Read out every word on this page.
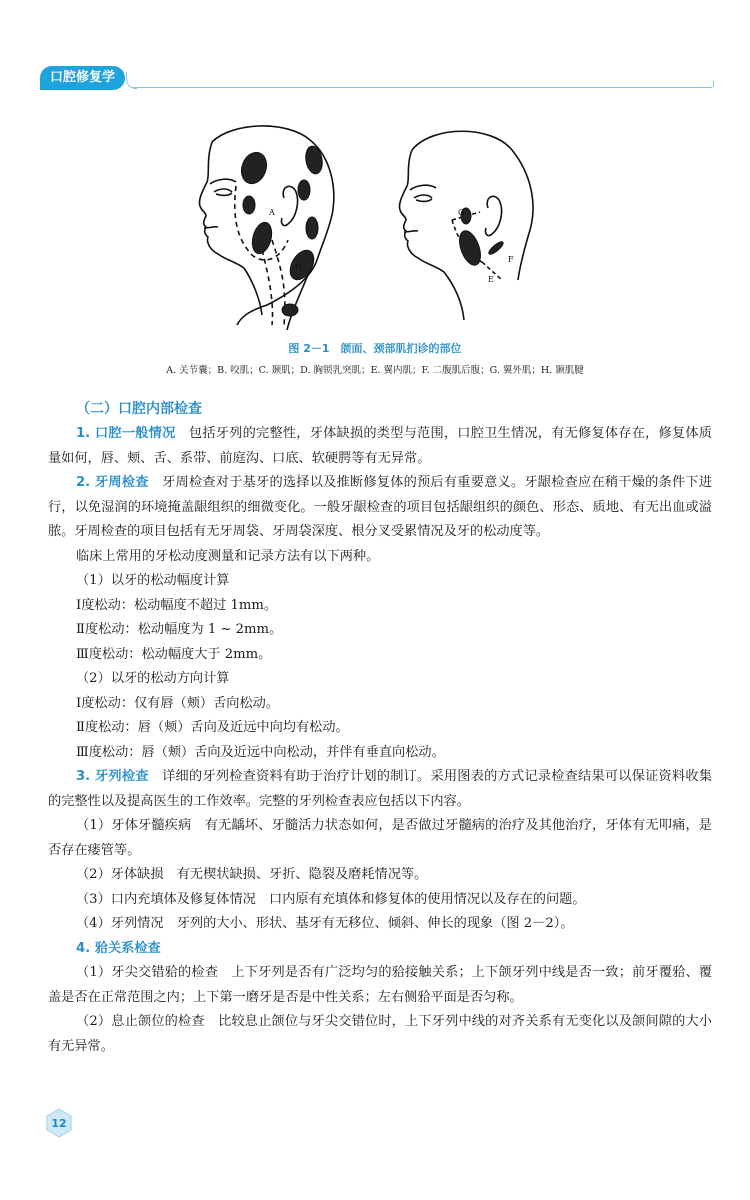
口腔修复学
A
D
G
E
F
图 2－1　颌面、颈部肌扪诊的部位
A. 关节囊；B. 咬肌；C. 颞肌；D. 胸锁乳突肌；E. 翼内肌；F. 二腹肌后腹；G. 翼外肌；H. 颞肌腱

（二）口腔内部检查

1. 口腔一般情况　包括牙列的完整性，牙体缺损的类型与范围，口腔卫生情况，有无修复体存在，修复体质量如何，唇、颊、舌、系带、前庭沟、口底、软硬腭等有无异常。

2. 牙周检查　牙周检查对于基牙的选择以及推断修复体的预后有重要意义。牙龈检查应在稍干燥的条件下进行，以免湿润的环境掩盖龈组织的细微变化。一般牙龈检查的项目包括龈组织的颜色、形态、质地、有无出血或溢脓。牙周检查的项目包括有无牙周袋、牙周袋深度、根分叉受累情况及牙的松动度等。

临床上常用的牙松动度测量和记录方法有以下两种。

（1）以牙的松动幅度计算

Ⅰ度松动：松动幅度不超过 1mm。

Ⅱ度松动：松动幅度为 1 ~ 2mm。

Ⅲ度松动：松动幅度大于 2mm。

（2）以牙的松动方向计算

Ⅰ度松动：仅有唇（颊）舌向松动。

Ⅱ度松动：唇（颊）舌向及近远中向均有松动。

Ⅲ度松动：唇（颊）舌向及近远中向松动，并伴有垂直向松动。

3. 牙列检查　详细的牙列检查资料有助于治疗计划的制订。采用图表的方式记录检查结果可以保证资料收集的完整性以及提高医生的工作效率。完整的牙列检查表应包括以下内容。

（1）牙体牙髓疾病　有无龋坏、牙髓活力状态如何，是否做过牙髓病的治疗及其他治疗，牙体有无叩痛，是否存在瘘管等。

（2）牙体缺损　有无楔状缺损、牙折、隐裂及磨耗情况等。

（3）口内充填体及修复体情况　口内原有充填体和修复体的使用情况以及存在的问题。

（4）牙列情况　牙列的大小、形状、基牙有无移位、倾斜、伸长的现象（图 2－2）。

4. 𬌗关系检查

（1）牙尖交错𬌗的检查　上下牙列是否有广泛均匀的𬌗接触关系；上下颌牙列中线是否一致；前牙覆𬌗、覆盖是否在正常范围之内；上下第一磨牙是否是中性关系；左右侧𬌗平面是否匀称。

（2）息止颌位的检查　比较息止颌位与牙尖交错位时，上下牙列中线的对齐关系有无变化以及颌间隙的大小有无异常。

12
